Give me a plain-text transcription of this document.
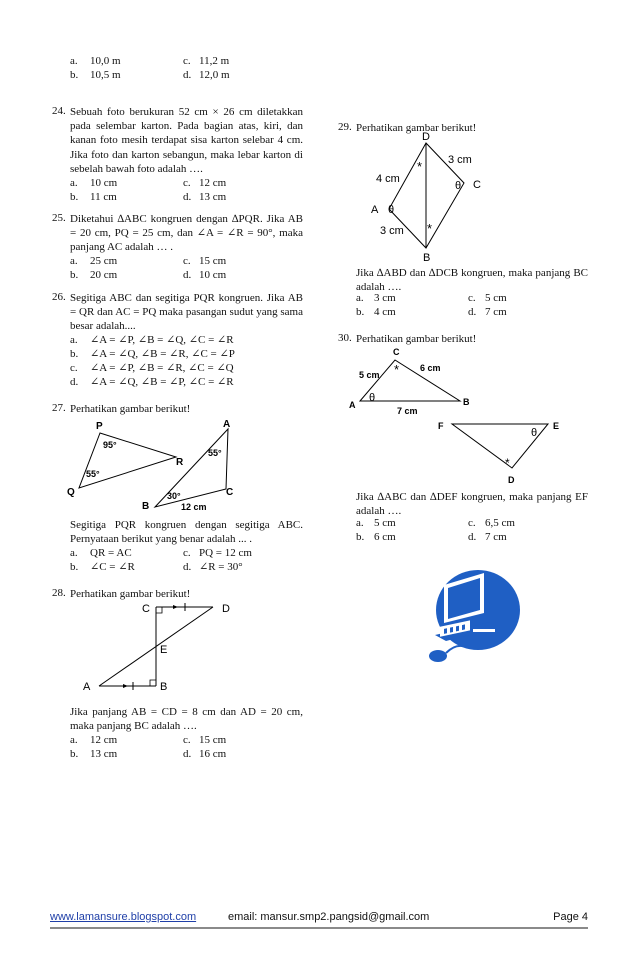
a. 10,0 m	c. 11,2 m
b. 10,5 m	d. 12,0 m
24. Sebuah foto berukuran 52 cm × 26 cm diletakkan pada selembar karton. Pada bagian atas, kiri, dan kanan foto mesih terdapat sisa karton selebar 4 cm. Jika foto dan karton sebangun, maka lebar karton di sebelah bawah foto adalah ….
a. 10 cm	c. 12 cm
b. 11 cm	d. 13 cm
25. Diketahui ∆ABC kongruen dengan ∆PQR. Jika AB = 20 cm, PQ = 25 cm, dan ∠A = ∠R = 90°, maka panjang AC adalah … .
a. 25 cm	c. 15 cm
b. 20 cm	d. 10 cm
26. Segitiga ABC dan segitiga PQR kongruen. Jika AB = QR dan AC = PQ maka pasangan sudut yang sama besar adalah....
a. ∠A = ∠P, ∠B = ∠Q, ∠C = ∠R
b. ∠A = ∠Q, ∠B = ∠R, ∠C = ∠P
c. ∠A = ∠P, ∠B = ∠R, ∠C = ∠Q
d. ∠A = ∠Q, ∠B = ∠P, ∠C = ∠R
27. Perhatikan gambar berikut!
P
Q
R
A
B
C
95°
55°
55°
30°
12 cm
Segitiga PQR kongruen dengan segitiga ABC. Pernyataan berikut yang benar adalah ... .
a. QR = AC	c. PQ = 12 cm
b. ∠C = ∠R	d. ∠R = 30°
28. Perhatikan gambar berikut!
C	D
E
A	B
Jika panjang AB = CD = 8 cm dan AD = 20 cm, maka panjang BC adalah ….
a. 12 cm	c. 15 cm
b. 13 cm	d. 16 cm
29. Perhatikan gambar berikut!
D
B
A
C
4 cm
3 cm
3 cm
θ
θ
*
*
Jika ∆ABD dan ∆DCB kongruen, maka panjang BC adalah ….
a. 3 cm	c. 5 cm
b. 4 cm	d. 7 cm
30. Perhatikan gambar berikut!
C
A	B
5 cm
6 cm
7 cm
F	E
D
θ
θ
*
*
Jika ∆ABC dan ∆DEF kongruen, maka panjang EF adalah ….
a. 5 cm	c. 6,5 cm
b. 6 cm	d. 7 cm
www.lamansure.blogspot.com	email: mansur.smp2.pangsid@gmail.com	Page 4
